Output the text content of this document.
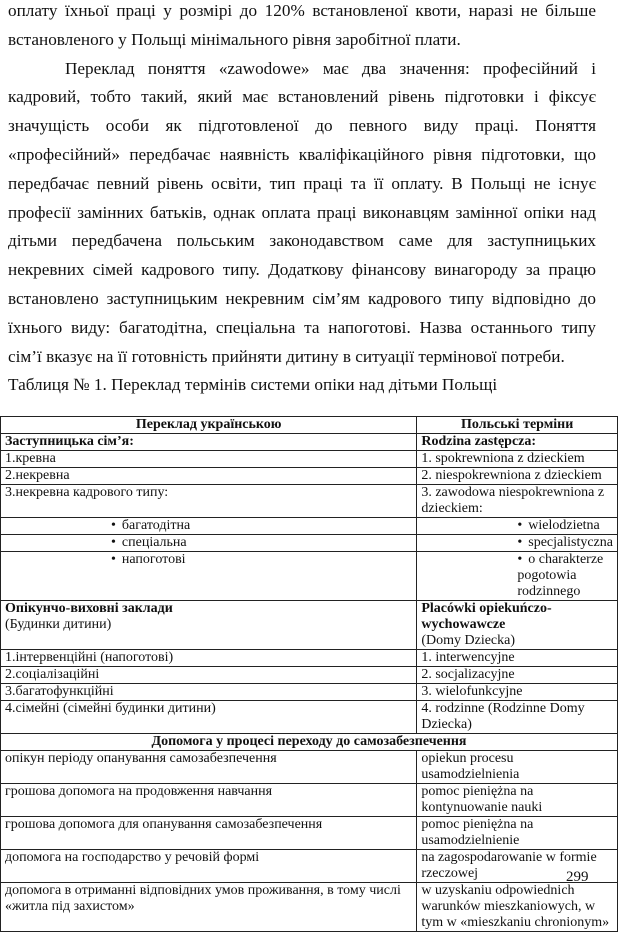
оплату їхньої праці у розмірі до 120% встановленої квоти, наразі не більше
встановленого у Польщі мінімального рівня заробітної плати.
Переклад поняття «zawodowe» має два значення: професійний і
кадровий, тобто такий, який має встановлений рівень підготовки і фіксує
значущість особи як підготовленої до певного виду праці. Поняття
«професійний» передбачає наявність кваліфікаційного рівня підготовки, що
передбачає певний рівень освіти, тип праці та її оплату. В Польщі не існує
професії замінних батьків, однак оплата праці виконавцям замінної опіки над
дітьми передбачена польським законодавством саме для заступницьких
некревних сімей кадрового типу. Додаткову фінансову винагороду за працю
встановлено заступницьким некревним сім’ям кадрового типу відповідно до
їхнього виду: багатодітна, спеціальна та напоготові. Назва останнього типу
сім’ї вказує на її готовність прийняти дитину в ситуації термінової потреби.
Таблиця № 1. Переклад термінів системи опіки над дітьми Польщі
Переклад українською	Польські терміни
Заступницька сім’я:	Rodzina zastępcza:
1.кревна	1. spokrewniona z dzieckiem
2.некревна	2. niespokrewniona z dzieckiem
3.некревна кадрового типу:	3. zawodowa niespokrewniona z dzieckiem:
• багатодітна	• wielodzietna
• спеціальна	• specjalistyczna
• напоготові	• o charakterze pogotowia rodzinnego
Опікунчо-виховні заклади
(Будинки дитини)	Placówki opiekuńczo-wychowawcze
(Domy Dziecka)
1.інтервенційні (напоготові)	1. interwencyjne
2.соціалізаційні	2. socjalizacyjne
3.багатофункційні	3. wielofunkcyjne
4.сімейні (сімейні будинки дитини)	4. rodzinne (Rodzinne Domy Dziecka)
Допомога у процесі переходу до самозабезпечення	
опікун періоду опанування самозабезпечення	opiekun procesu usamodzielnienia
грошова допомога на продовження навчання	pomoc pieniężna na kontynuowanie nauki
грошова допомога для опанування самозабезпечення	pomoc pieniężna na usamodzielnienie
допомога на господарство у речовій формі	na zagospodarowanie w formie rzeczowej
допомога в отриманні відповідних умов проживання, в тому числі «житла під захистом»	w uzyskaniu odpowiednich warunków mieszkaniowych, w tym w «mieszkaniu chronionym»
299
